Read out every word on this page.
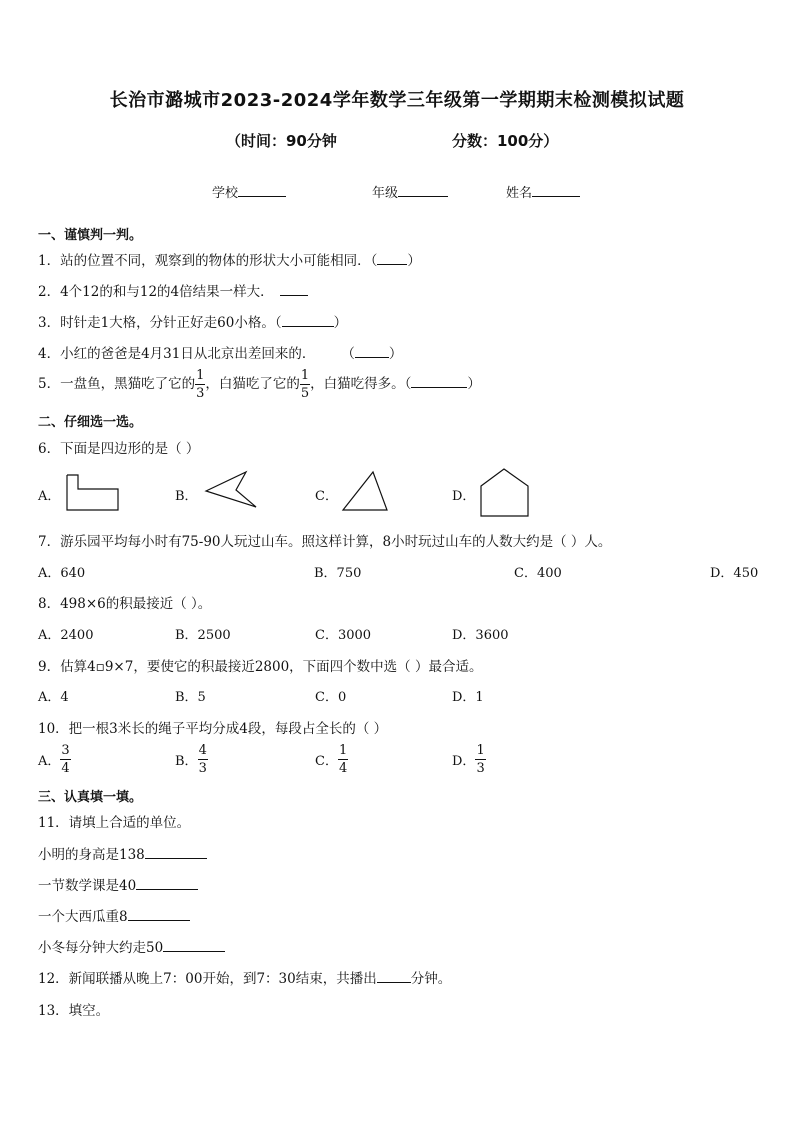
长治市潞城市2023-2024学年数学三年级第一学期期末检测模拟试题
（时间：90分钟	分数：100分）
学校	年级	姓名
一、谨慎判一判。
1．站的位置不同，观察到的物体的形状大小可能相同．（ ）
2．4个12的和与12的4倍结果一样大．
3．时针走1大格，分针正好走60小格。（	）
4．小红的爸爸是4月31日从北京出差回来的． （	）
5．一盘鱼，黑猫吃了它的 $\frac{1}{3}$ ，白猫吃了它的 $\frac{1}{5}$ ，白猫吃得多。（	）
二、仔细选一选。
6．下面是四边形的是（ ）
A．	B．	C．	D．
7．游乐园平均每小时有75-90人玩过山车。照这样计算，8小时玩过山车的人数大约是（ ）人。
A．640	B．750	C．400	D．450
8．498×6的积最接近（ ）。
A．2400	B．2500	C．3000	D．3600
9．估算4▫9×7，要使它的积最接近2800，下面四个数中选（ ）最合适。
A．4	B．5	C．0	D．1
10．把一根3米长的绳子平均分成4段，每段占全长的（ ）
A． $\frac{3}{4}$	B． $\frac{4}{3}$	C． $\frac{1}{4}$	D． $\frac{1}{3}$
三、认真填一填。
11．请填上合适的单位。
小明的身高是138
一节数学课是40
一个大西瓜重8
小冬每分钟大约走50
12．新闻联播从晚上7：00开始，到7：30结束，共播出	分钟。
13．填空。
